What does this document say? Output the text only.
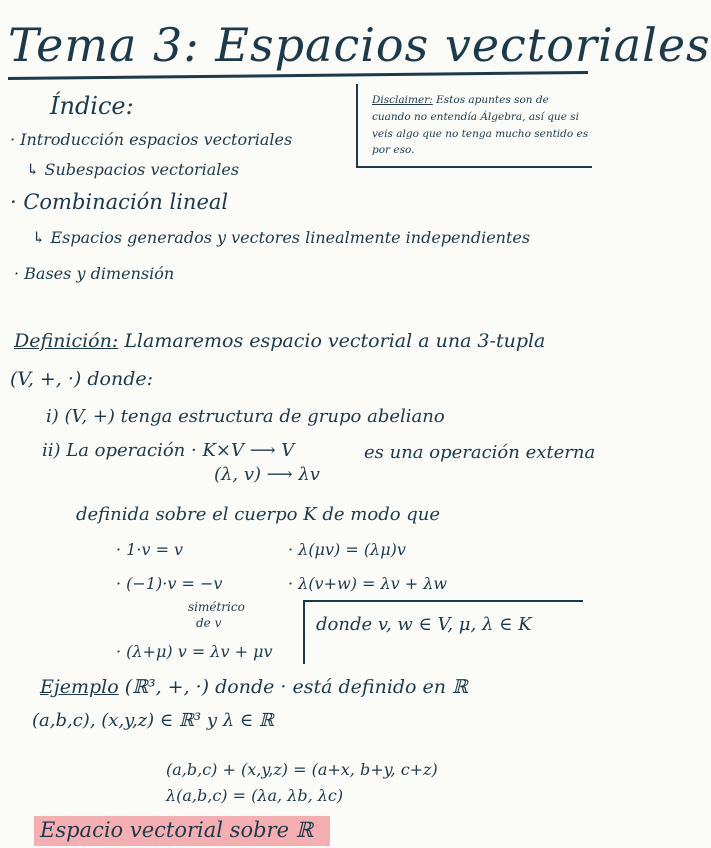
Tema 3: Espacios vectoriales
Índice:
· Introducción espacios vectoriales
↳ Subespacios vectoriales
· Combinación lineal
↳ Espacios generados y vectores linealmente independientes
· Bases y dimensión
Disclaimer: Estos apuntes son de cuando no entendía Álgebra, así que si veis algo que no tenga mucho sentido es por eso.
Definición: Llamaremos espacio vectorial a una 3-tupla
(V, +, ·) donde:
i) (V, +) tenga estructura de grupo abeliano
ii) La operación · K×V ⟶ V	es una operación externa
(λ, v) ⟶ λv
definida sobre el cuerpo K de modo que
· 1·v = v
· (−1)·v = −v
simétrico
de v
· (λ+μ) v = λv + μv
· λ(μv) = (λμ)v
· λ(v+w) = λv + λw
donde v, w ∈ V, μ, λ ∈ K
Ejemplo (ℝ³, +, ·) donde · está definido en ℝ
(a,b,c), (x,y,z) ∈ ℝ³ y λ ∈ ℝ
(a,b,c) + (x,y,z) = (a+x, b+y, c+z)
λ(a,b,c) = (λa, λb, λc)
Espacio vectorial sobre ℝ
